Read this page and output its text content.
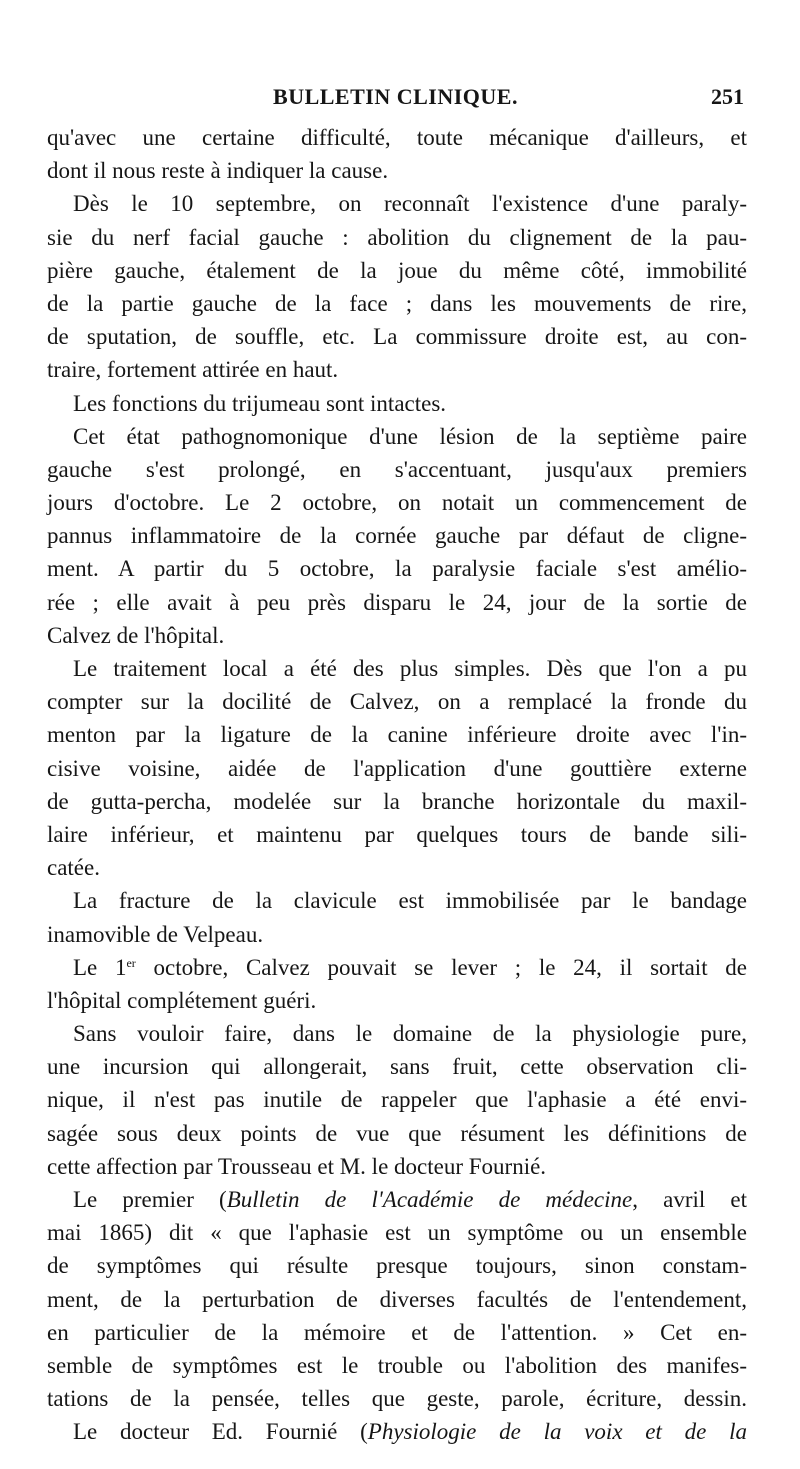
BULLETIN CLINIQUE.	251
qu'avec une certaine difficulté, toute mécanique d'ailleurs, et
dont il nous reste à indiquer la cause.
Dès le 10 septembre, on reconnaît l'existence d'une paraly-
sie du nerf facial gauche : abolition du clignement de la pau-
pière gauche, étalement de la joue du même côté, immobilité
de la partie gauche de la face ; dans les mouvements de rire,
de sputation, de souffle, etc. La commissure droite est, au con-
traire, fortement attirée en haut.
Les fonctions du trijumeau sont intactes.
Cet état pathognomonique d'une lésion de la septième paire
gauche s'est prolongé, en s'accentuant, jusqu'aux premiers
jours d'octobre. Le 2 octobre, on notait un commencement de
pannus inflammatoire de la cornée gauche par défaut de cligne-
ment. A partir du 5 octobre, la paralysie faciale s'est amélio-
rée ; elle avait à peu près disparu le 24, jour de la sortie de
Calvez de l'hôpital.
Le traitement local a été des plus simples. Dès que l'on a pu
compter sur la docilité de Calvez, on a remplacé la fronde du
menton par la ligature de la canine inférieure droite avec l'in-
cisive voisine, aidée de l'application d'une gouttière externe
de gutta-percha, modelée sur la branche horizontale du maxil-
laire inférieur, et maintenu par quelques tours de bande sili-
catée.
La fracture de la clavicule est immobilisée par le bandage
inamovible de Velpeau.
Le 1er octobre, Calvez pouvait se lever ; le 24, il sortait de
l'hôpital complétement guéri.
Sans vouloir faire, dans le domaine de la physiologie pure,
une incursion qui allongerait, sans fruit, cette observation cli-
nique, il n'est pas inutile de rappeler que l'aphasie a été envi-
sagée sous deux points de vue que résument les définitions de
cette affection par Trousseau et M. le docteur Fournié.
Le premier (Bulletin de l'Académie de médecine, avril et
mai 1865) dit « que l'aphasie est un symptôme ou un ensemble
de symptômes qui résulte presque toujours, sinon constam-
ment, de la perturbation de diverses facultés de l'entendement,
en particulier de la mémoire et de l'attention. » Cet en-
semble de symptômes est le trouble ou l'abolition des manifes-
tations de la pensée, telles que geste, parole, écriture, dessin.
Le docteur Ed. Fournié (Physiologie de la voix et de la
